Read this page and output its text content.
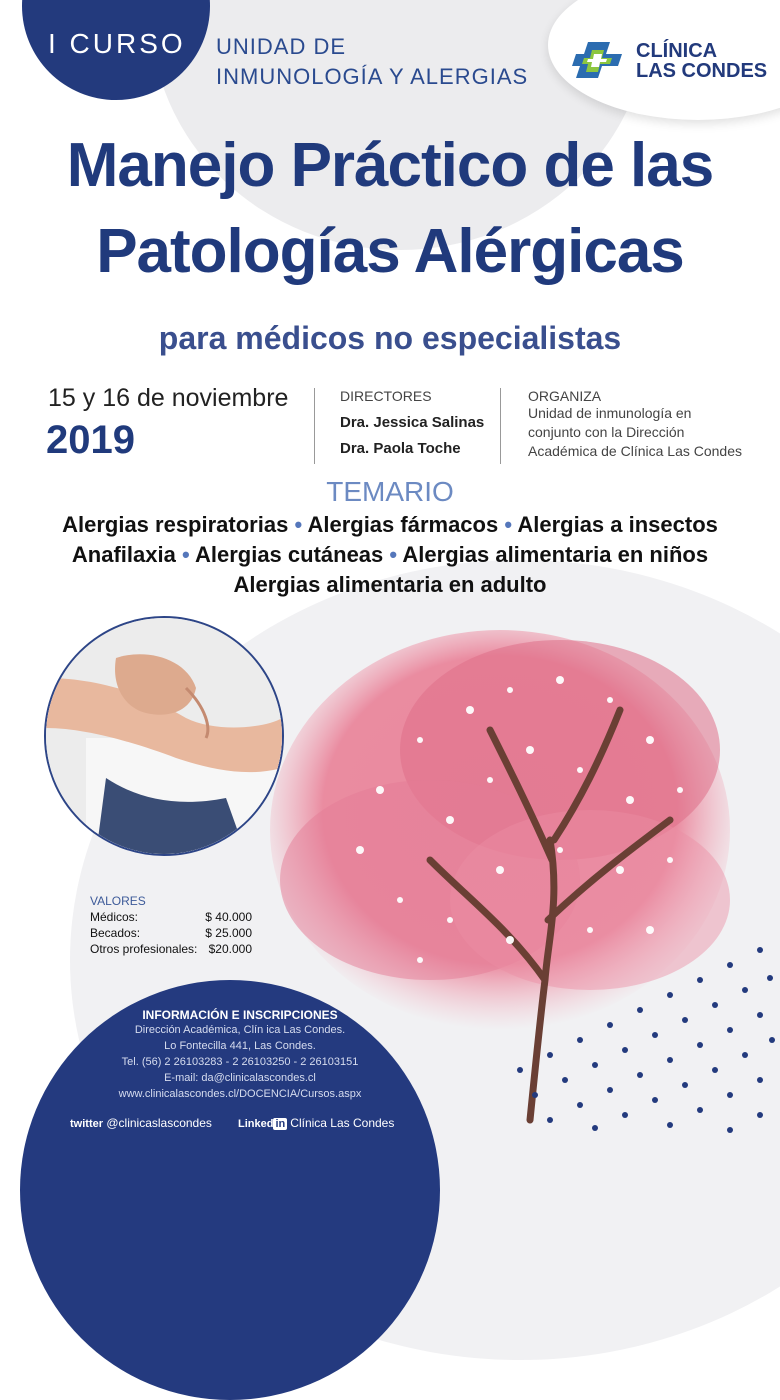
I CURSO UNIDAD DE
INMUNOLOGÍA Y ALERGIAS
CLÍNICA
LAS CONDES
Manejo Práctico de las
Patologías Alérgicas
para médicos no especialistas
15 y 16 de noviembre
2019
DIRECTORES
Dra. Jessica Salinas
Dra. Paola Toche
ORGANIZA
Unidad de inmunología en
conjunto con la Dirección
Académica de Clínica Las Condes
TEMARIO
Alergias respiratorias • Alergias fármacos • Alergias a insectos
Anafilaxia • Alergias cutáneas • Alergias alimentaria en niños
Alergias alimentaria en adulto
VALORES
Médicos:	$ 40.000
Becados:	$ 25.000
Otros profesionales: $20.000
INFORMACIÓN E INSCRIPCIONES
Dirección Académica, Clín ica Las Condes.
Lo Fontecilla 441, Las Condes.
Tel. (56) 2 26103283 - 2 26103250 - 2 26103151
E-mail: da@clinicalascondes.cl
www.clinicalascondes.cl/DOCENCIA/Cursos.aspx
twitter @clinicaslascondes Linked in Clínica Las Condes
